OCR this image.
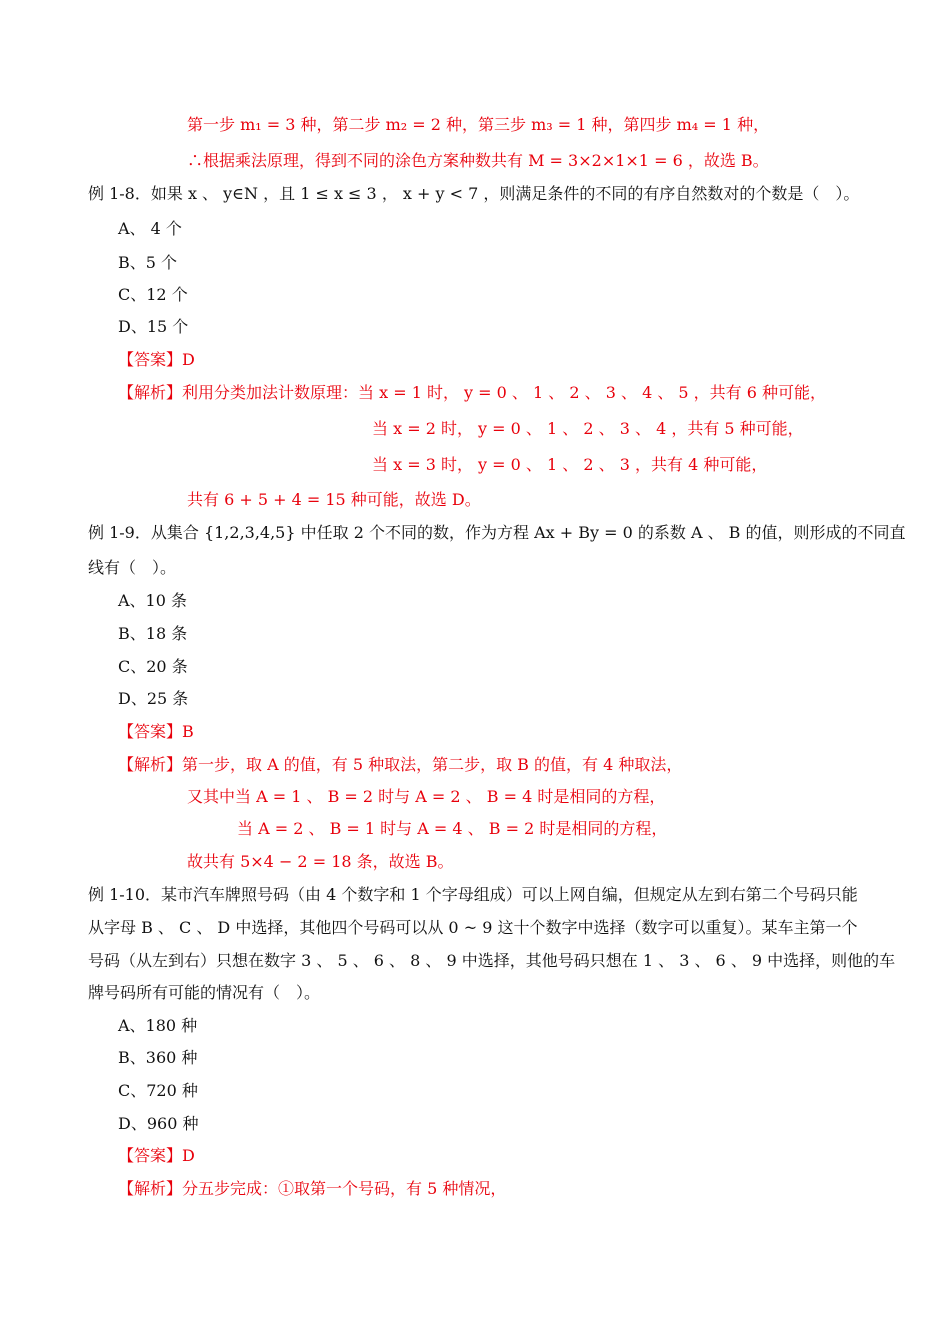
第一步 m₁ = 3 种，第二步 m₂ = 2 种，第三步 m₃ = 1 种，第四步 m₄ = 1 种，
∴根据乘法原理，得到不同的涂色方案种数共有 M = 3×2×1×1 = 6 ，故选 B。
例 1-8．如果 x 、 y∈N ，且 1 ≤ x ≤ 3 ， x + y < 7 ，则满足条件的不同的有序自然数对的个数是（　）。
A、 4 个
B、5 个
C、12 个
D、15 个
【答案】D
【解析】利用分类加法计数原理：当 x = 1 时， y = 0 、 1 、 2 、 3 、 4 、 5 ，共有 6 种可能，
当 x = 2 时， y = 0 、 1 、 2 、 3 、 4 ，共有 5 种可能，
当 x = 3 时， y = 0 、 1 、 2 、 3 ，共有 4 种可能，
共有 6 + 5 + 4 = 15 种可能，故选 D。
例 1-9．从集合 {1,2,3,4,5} 中任取 2 个不同的数，作为方程 Ax + By = 0 的系数 A 、 B 的值，则形成的不同直
线有（　）。
A、10 条
B、18 条
C、20 条
D、25 条
【答案】B
【解析】第一步，取 A 的值，有 5 种取法，第二步，取 B 的值，有 4 种取法，
又其中当 A = 1 、 B = 2 时与 A = 2 、 B = 4 时是相同的方程，
当 A = 2 、 B = 1 时与 A = 4 、 B = 2 时是相同的方程，
故共有 5×4 − 2 = 18 条，故选 B。
例 1-10．某市汽车牌照号码（由 4 个数字和 1 个字母组成）可以上网自编，但规定从左到右第二个号码只能
从字母 B 、 C 、 D 中选择，其他四个号码可以从 0 ~ 9 这十个数字中选择（数字可以重复）。某车主第一个
号码（从左到右）只想在数字 3 、 5 、 6 、 8 、 9 中选择，其他号码只想在 1 、 3 、 6 、 9 中选择，则他的车
牌号码所有可能的情况有（　）。
A、180 种
B、360 种
C、720 种
D、960 种
【答案】D
【解析】分五步完成：①取第一个号码，有 5 种情况，
